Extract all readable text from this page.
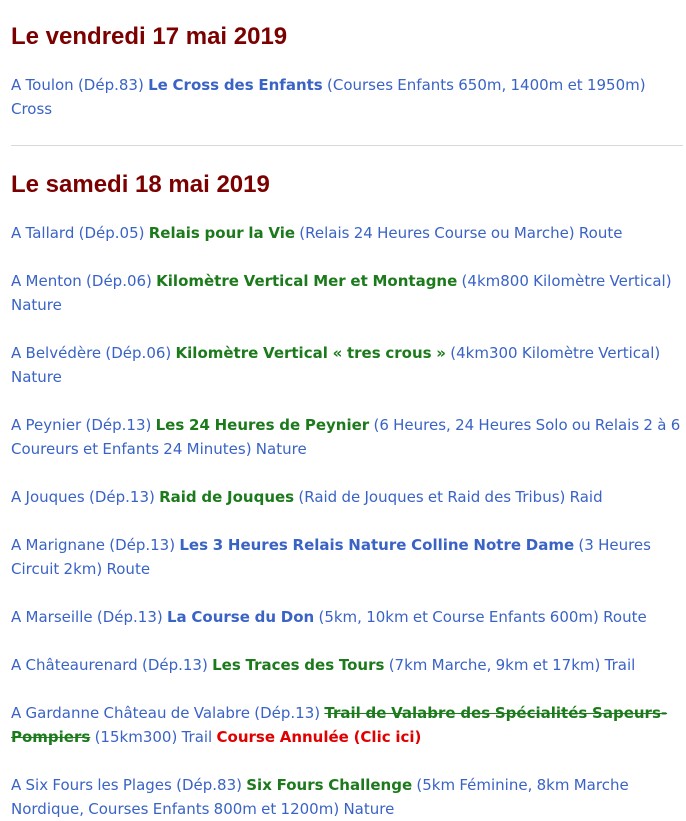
Le vendredi 17 mai 2019

A Toulon (Dép.83) Le Cross des Enfants (Courses Enfants 650m, 1400m et 1950m) Cross

Le samedi 18 mai 2019

A Tallard (Dép.05) Relais pour la Vie (Relais 24 Heures Course ou Marche) Route

A Menton (Dép.06) Kilomètre Vertical Mer et Montagne (4km800 Kilomètre Vertical) Nature

A Belvédère (Dép.06) Kilomètre Vertical « tres crous » (4km300 Kilomètre Vertical) Nature

A Peynier (Dép.13) Les 24 Heures de Peynier (6 Heures, 24 Heures Solo ou Relais 2 à 6 Coureurs et Enfants 24 Minutes) Nature

A Jouques (Dép.13) Raid de Jouques (Raid de Jouques et Raid des Tribus) Raid

A Marignane (Dép.13) Les 3 Heures Relais Nature Colline Notre Dame (3 Heures Circuit 2km) Route

A Marseille (Dép.13) La Course du Don (5km, 10km et Course Enfants 600m) Route

A Châteaurenard (Dép.13) Les Traces des Tours (7km Marche, 9km et 17km) Trail

A Gardanne Château de Valabre (Dép.13) Trail de Valabre des Spécialités Sapeurs-Pompiers (15km300) Trail Course Annulée (Clic ici)

A Six Fours les Plages (Dép.83) Six Fours Challenge (5km Féminine, 8km Marche Nordique, Courses Enfants 800m et 1200m) Nature
